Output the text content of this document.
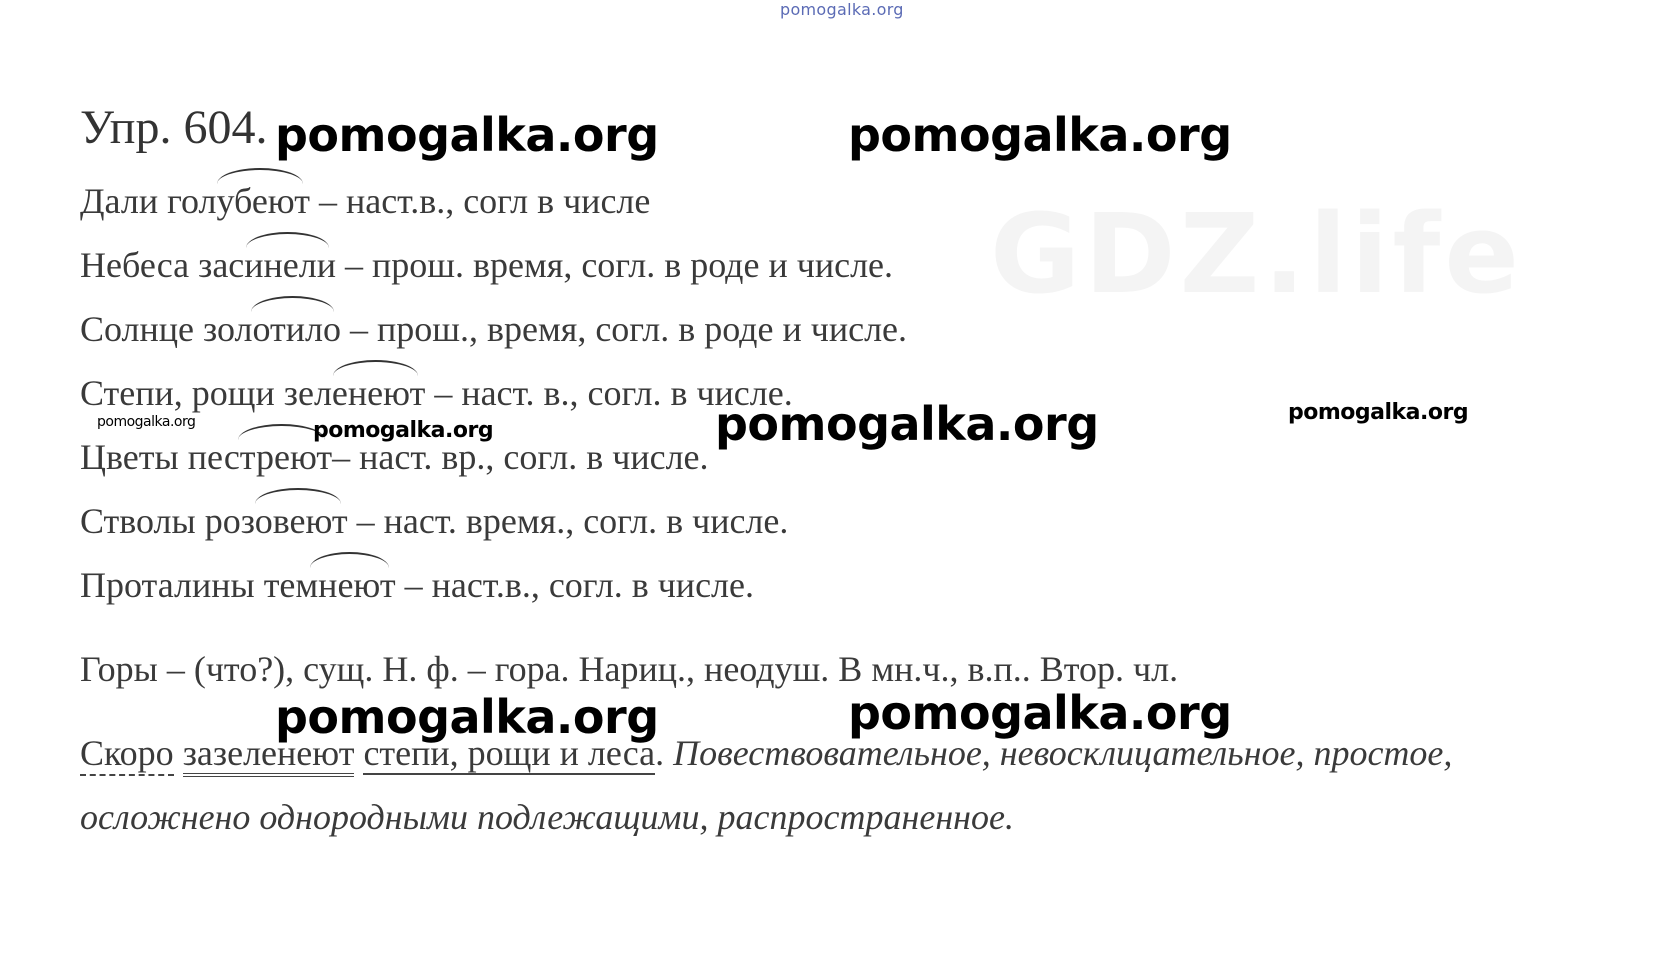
GDZ.life
pomogalka.org
Упр. 604.
Дали
голубеют – наст.в., согл в числе
Небеса
засинели – прош. время, согл. в роде и числе.
Солнце
золотило – прош., время, согл. в роде и числе.
Степи, рощи
зеленеют – наст. в., согл. в числе.
Цветы
пестреют– наст. вр., согл. в числе.
Стволы
розовеют – наст. время., согл. в числе.
Проталины
темнеют – наст.в., согл. в числе.
Горы – (что?), сущ. Н. ф. – гора. Нариц., неодуш. В мн.ч., в.п.. Втор. чл.
Скоро зазеленеют степи, рощи и леса. Повествовательное, невосклицательное, простое,
осложнено однородными подлежащими, распространенное.
pomogalka.org	pomogalka.org
pomogalka.org	pomogalka.org
pomogalka.org
pomogalka.org
pomogalka.org	pomogalka.org
